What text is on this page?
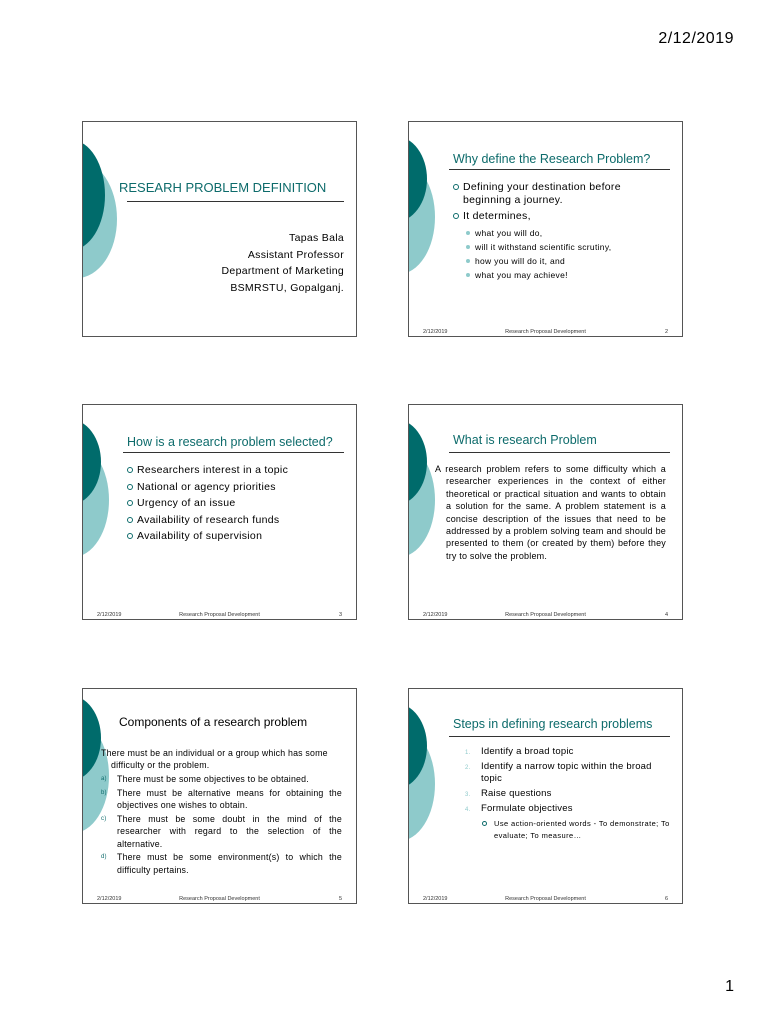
2/12/2019
RESEARH PROBLEM DEFINITION
Tapas Bala
Assistant Professor
Department of Marketing
BSMRSTU, Gopalganj.
Why define the Research Problem?
Defining your destination before beginning a journey.
It determines,
what you will do,
will it withstand scientific scrutiny,
how you will do it, and
what you may achieve!
2/12/2019	Research Proposal Development	2
How is a research problem selected?
Researchers interest in a topic
National or agency priorities
Urgency of an issue
Availability of research funds
Availability of supervision
2/12/2019	Research Proposal Development	3
What is research Problem
A research problem refers to some difficulty which a researcher experiences in the context of either theoretical or practical situation and wants to obtain a solution for the same. A problem statement is a concise description of the issues that need to be addressed by a problem solving team and should be presented to them (or created by them) before they try to solve the problem.
2/12/2019	Research Proposal Development	4
Components of a research problem
There must be an individual or a group which has some difficulty or the problem.
a) There must be some objectives to be obtained.
b) There must be alternative means for obtaining the objectives one wishes to obtain.
c) There must be some doubt in the mind of the researcher with regard to the selection of the alternative.
d) There must be some environment(s) to which the difficulty pertains.
2/12/2019	Research Proposal Development	5
Steps in defining research problems
1. Identify a broad topic
2. Identify a narrow topic within the broad topic
3. Raise questions
4. Formulate objectives
Use action-oriented words - To demonstrate; To evaluate; To measure…
2/12/2019	Research Proposal Development	6
1
